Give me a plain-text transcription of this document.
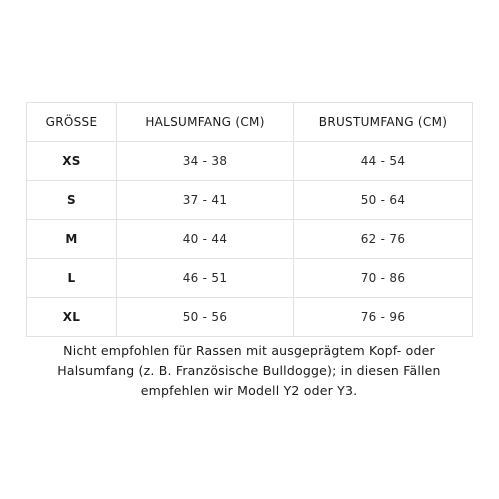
GRÖSSE	HALSUMFANG (CM)	BRUSTUMFANG (CM)
XS	34 - 38	44 - 54
S	37 - 41	50 - 64
M	40 - 44	62 - 76
L	46 - 51	70 - 86
XL	50 - 56	76 - 96
Nicht empfohlen für Rassen mit ausgeprägtem Kopf- oder
Halsumfang (z. B. Französische Bulldogge); in diesen Fällen
empfehlen wir Modell Y2 oder Y3.
